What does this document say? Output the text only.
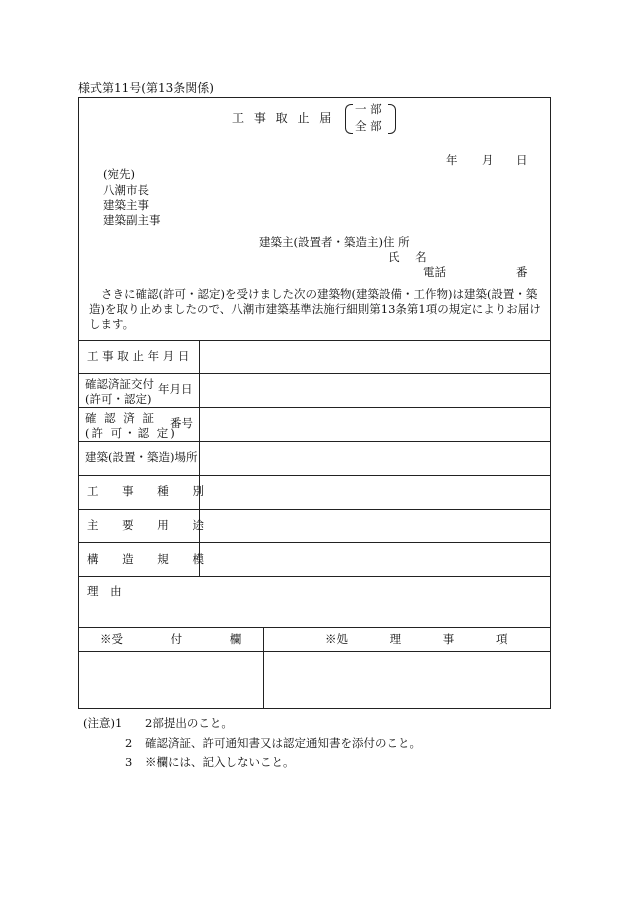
様式第11号(第13条関係)
工 事 取 止 届
一 部
全 部
年 月 日
(宛先)
八潮市長
建築主事
建築副主事
建築主(設置者・築造主)住 所
氏 名
電話	番
さきに確認(許可・認定)を受けました次の建築物(建築設備・工作物)は建築(設置・築造)を取り止めましたので、八潮市建築基準法施行細則第13条第1項の規定によりお届けします。
工 事 取 止 年 月 日
確認済証交付
(許可・認定)
年月日
確 認 済 証
(許 可・認 定)
番号
建築(設置・築造)場所
工 事 種 別
主 要 用 途
構 造 規 模
理 由
※受 付 欄	※処 理 事 項
(注意)1 2部提出のこと。
2 確認済証、許可通知書又は認定通知書を添付のこと。
3 ※欄には、記入しないこと。
